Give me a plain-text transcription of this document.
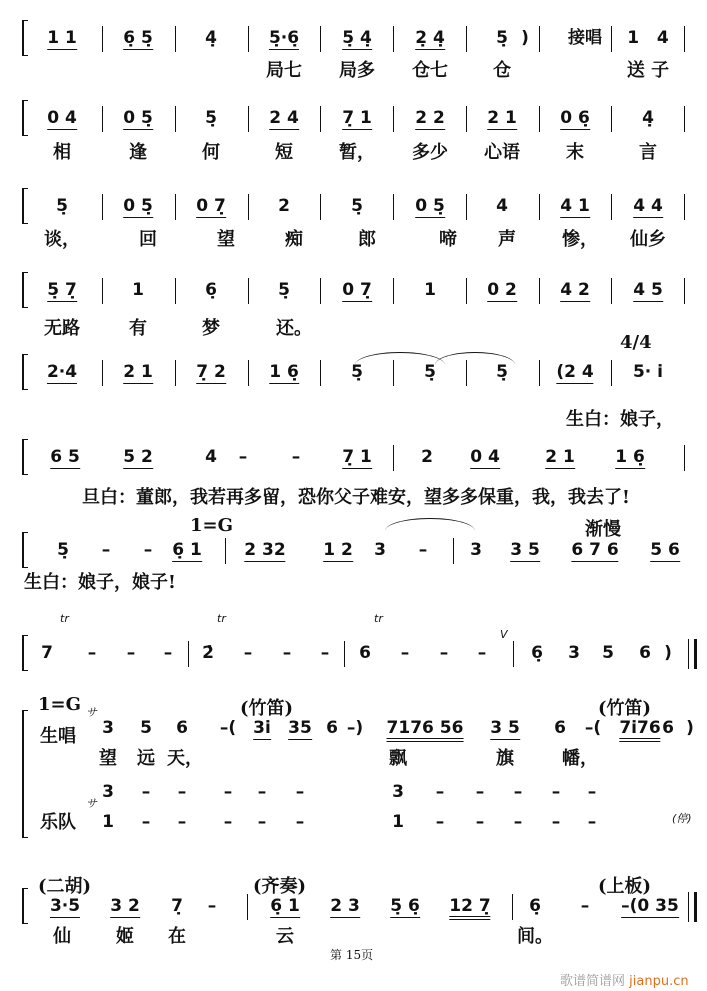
第 15页
歌谱简谱网 jianpu.cn
1 1	6̣ 5̣	4̣	5̣·6̣	5̣ 4̣	2̣ 4̣	5̣ ) 接唱 1   4
局七 局多 仓七	仓	送 子
0 4	0 5̣	5̣	2 4	7̣ 1	2 2 2 1	0 6̣	4̣
相	逢	何	短	暂， 多少 心语	末	言
5̣	0 5̣	0 7̣	2	5̣	0 5̣	4	4 1	4 4
谈，	回	望	痴	郎	啼 声	惨， 仙乡
5̣ 7̣	1	6̣	5̣	0 7̣	1	0 2	4 2	4 5
无路	有	梦	还。
2·4	2 1	7̣ 2	1 6̣	5̣	5̣	5̣	(2 4 5· i̇
生白：娘子，
4/4
6 5	5 2	4 –	– 7̣ 1	2 0 4	2 1 1 6̣
旦白：董郎，我若再多留，恐你父子难安，望多多保重，我，我去了!
5̣ – – 6̣ 1	2 32 1 2 3 –	3 3 5 6 7 6 5 6
生白：娘子，娘子!
1=G	渐慢
7 – – – 2̇ – – – 6 – – –	6̣ 3 5 6 )
tr	tr	tr
V
3 5 6 –( 3i̇ 35 6 –) 7176 56 3 5 6 –( 7i̇76 6 )
望 远 天，	飘	旗	幡，
1=G
生唱
乐队
(竹笛)	(竹笛)
サ
サ
(停)
3 – – – – –	3 – – – – –
1 – – – – –	1 – – – – –
3·5 3 2 7̣ –	6̣ 1 2 3 5̣ 6̣ 12 7̣ 6̣ – –(0 35
仙	姬 在	云	间。
(二胡)	(齐奏)	(上板)
